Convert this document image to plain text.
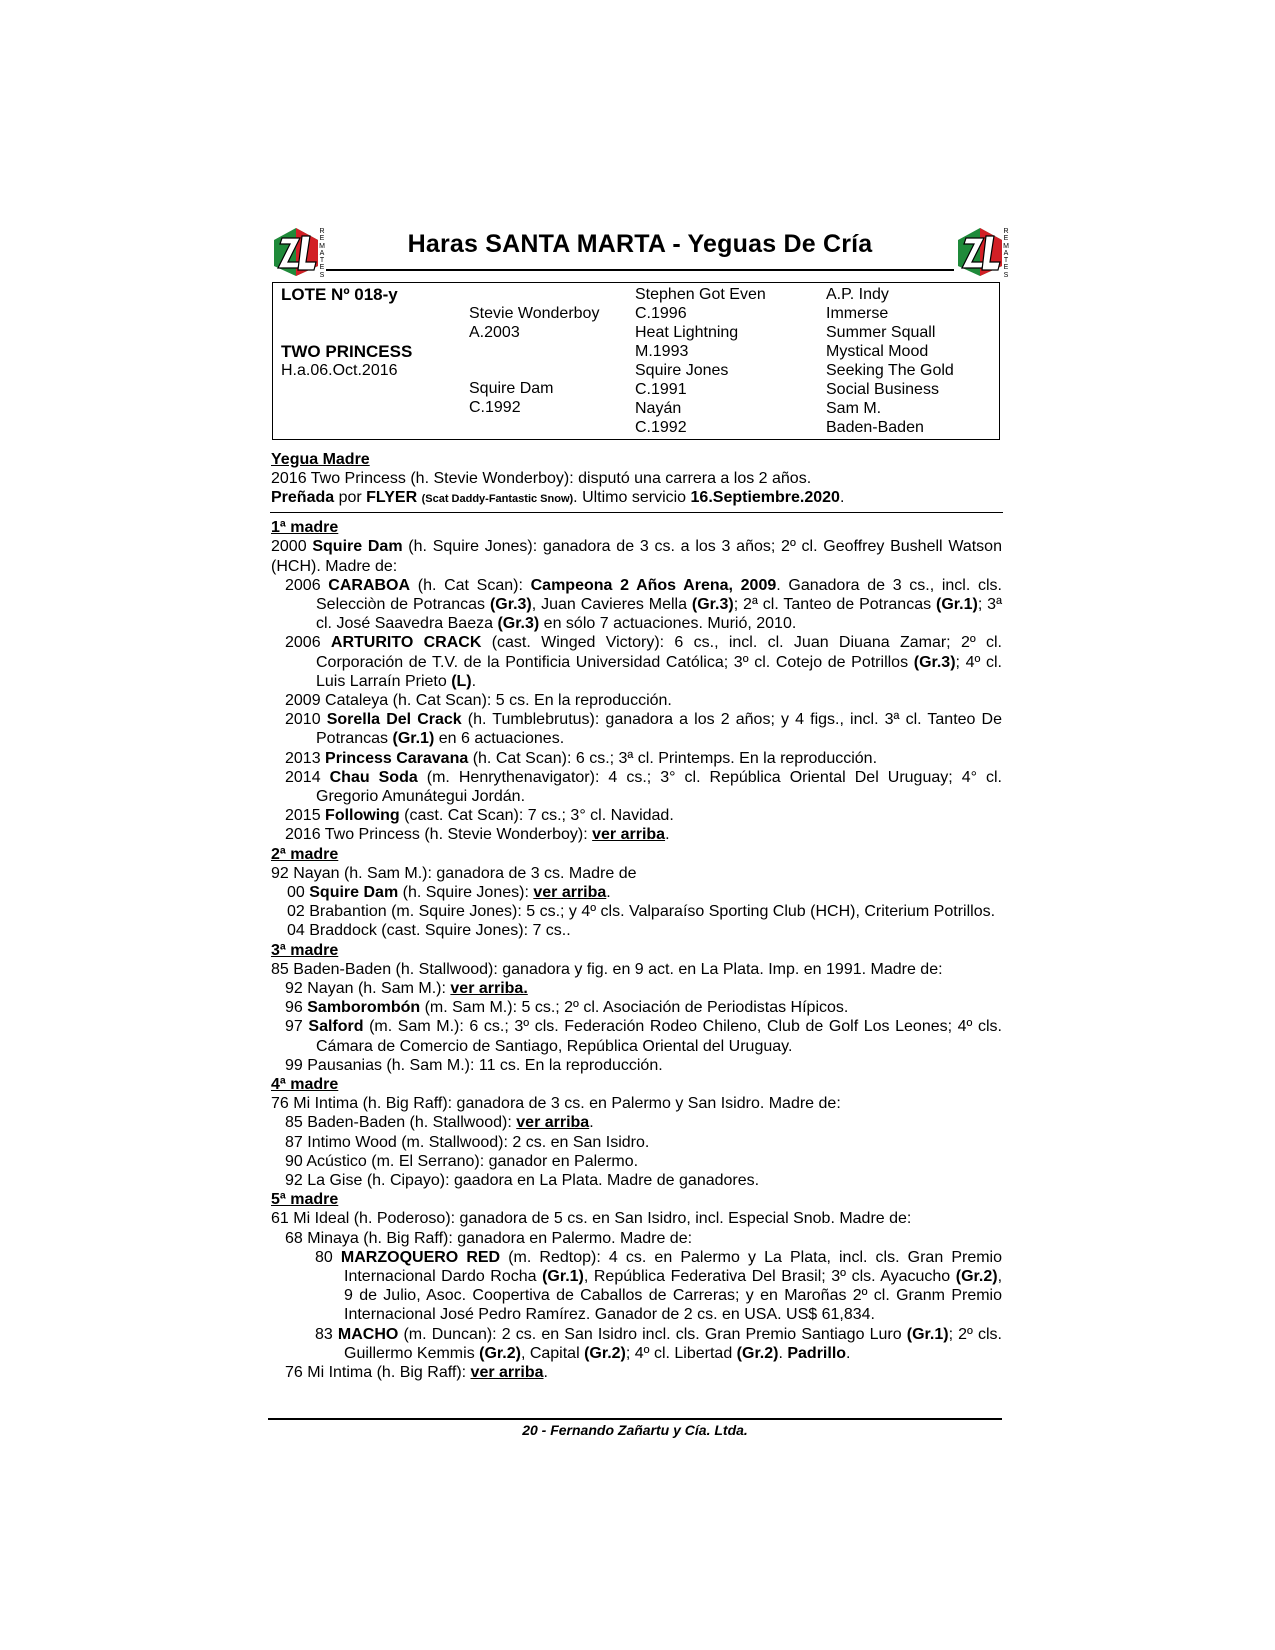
R
E
M
A
T
E
S
R
E
M
A
T
E
S
Haras SANTA MARTA - Yeguas De Cría
LOTE Nº 018-y
TWO PRINCESS
H.a.06.Oct.2016
Stevie Wonderboy
A.2003
Squire Dam
C.1992
Stephen Got Even
C.1996
Heat Lightning
M.1993
Squire Jones
C.1991
Nayán
C.1992
A.P. Indy
Immerse
Summer Squall
Mystical Mood
Seeking The Gold
Social Business
Sam M.
Baden-Baden

Yegua Madre

2016 Two Princess (h. Stevie Wonderboy): disputó una carrera a los 2 años.

Preñada por FLYER (Scat Daddy-Fantastic Snow). Ultimo servicio 16.Septiembre.2020.

1ª madre

2000 Squire Dam (h. Squire Jones): ganadora de 3 cs. a los 3 años; 2º cl. Geoffrey Bushell Watson (HCH). Madre de:

2006 CARABOA (h. Cat Scan): Campeona 2 Años Arena, 2009. Ganadora de 3 cs., incl. cls. Selecciòn de Potrancas (Gr.3), Juan Cavieres Mella (Gr.3); 2ª cl. Tanteo de Potrancas (Gr.1); 3ª cl. José Saavedra Baeza (Gr.3) en sólo 7 actuaciones. Murió, 2010.

2006 ARTURITO CRACK (cast. Winged Victory): 6 cs., incl. cl. Juan Diuana Zamar; 2º cl. Corporación de T.V. de la Pontificia Universidad Católica; 3º cl. Cotejo de Potrillos (Gr.3); 4º cl. Luis Larraín Prieto (L).

2009 Cataleya (h. Cat Scan): 5 cs. En la reproducción.

2010 Sorella Del Crack (h. Tumblebrutus): ganadora a los 2 años; y 4 figs., incl. 3ª cl. Tanteo De Potrancas (Gr.1) en 6 actuaciones.

2013 Princess Caravana (h. Cat Scan): 6 cs.; 3ª cl. Printemps. En la reproducción.

2014 Chau Soda (m. Henrythenavigator): 4 cs.; 3° cl. República Oriental Del Uruguay; 4° cl. Gregorio Amunátegui Jordán.

2015 Following (cast. Cat Scan): 7 cs.; 3° cl. Navidad.

2016 Two Princess (h. Stevie Wonderboy): ver arriba.

2ª madre

92 Nayan (h. Sam M.): ganadora de 3 cs. Madre de

00 Squire Dam (h. Squire Jones): ver arriba.

02 Brabantion (m. Squire Jones): 5 cs.; y 4º cls. Valparaíso Sporting Club (HCH), Criterium Potrillos.

04 Braddock (cast. Squire Jones): 7 cs..

3ª madre

85 Baden-Baden (h. Stallwood): ganadora y fig. en 9 act. en La Plata. Imp. en 1991. Madre de:

92 Nayan (h. Sam M.): ver arriba.

96 Samborombón (m. Sam M.): 5 cs.; 2º cl. Asociación de Periodistas Hípicos.

97 Salford (m. Sam M.): 6 cs.; 3º cls. Federación Rodeo Chileno, Club de Golf Los Leones; 4º cls. Cámara de Comercio de Santiago, República Oriental del Uruguay.

99 Pausanias (h. Sam M.): 11 cs. En la reproducción.

4ª madre

76 Mi Intima (h. Big Raff): ganadora de 3 cs. en Palermo y San Isidro. Madre de:

85 Baden-Baden (h. Stallwood): ver arriba.

87 Intimo Wood (m. Stallwood): 2 cs. en San Isidro.

90 Acústico (m. El Serrano): ganador en Palermo.

92 La Gise (h. Cipayo): gaadora en La Plata. Madre de ganadores.

5ª madre

61 Mi Ideal (h. Poderoso): ganadora de 5 cs. en San Isidro, incl. Especial Snob. Madre de:

68 Minaya (h. Big Raff): ganadora en Palermo. Madre de:

80 MARZOQUERO RED (m. Redtop): 4 cs. en Palermo y La Plata, incl. cls. Gran Premio Internacional Dardo Rocha (Gr.1), República Federativa Del Brasil; 3º cls. Ayacucho (Gr.2), 9 de Julio, Asoc. Coopertiva de Caballos de Carreras; y en Maroñas 2º cl. Granm Premio Internacional José Pedro Ramírez. Ganador de 2 cs. en USA. US$ 61,834.

83 MACHO (m. Duncan): 2 cs. en San Isidro incl. cls. Gran Premio Santiago Luro (Gr.1); 2º cls. Guillermo Kemmis (Gr.2), Capital (Gr.2); 4º cl. Libertad (Gr.2). Padrillo.

76 Mi Intima (h. Big Raff): ver arriba.

20 - Fernando Zañartu y Cía. Ltda.
